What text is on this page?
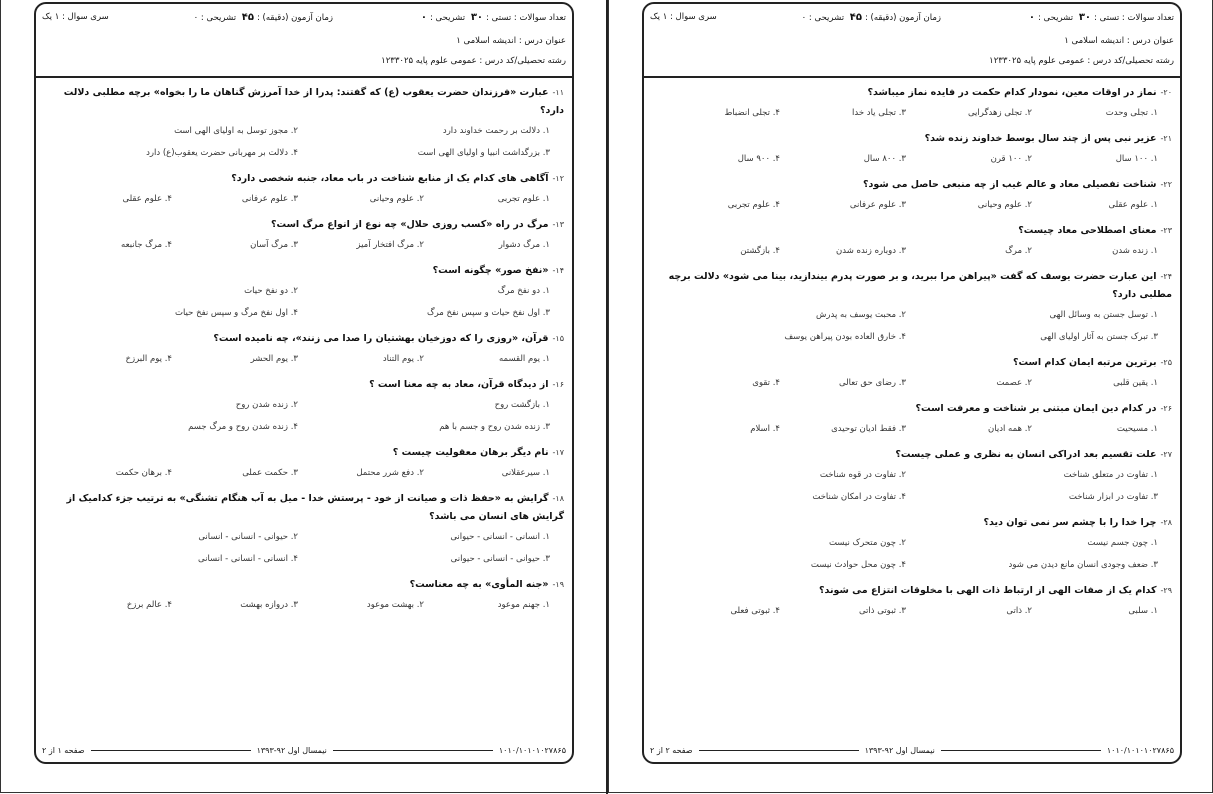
تعداد سوالات : تستی :۳۰ تشریحی :۰
زمان آزمون (دقیقه) :۴۵ تشریحی : ۰
سری سوال : ۱ یک
عنوان درس : اندیشه اسلامی ۱
رشته تحصیلی/کد درس : عمومی علوم پایه ۱۲۳۳۰۲۵
۱۱-عبارت «فرزندان حضرت یعقوب (ع) که گفتند: پدرا از خدا آمرزش گناهان ما را بخواه» برچه مطلبی دلالت دارد؟
۱. دلالت بر رحمت خداوند دارد
۲. مجوز توسل به اولیای الهی است
۳. بزرگداشت انبیا و اولیای الهی است
۴. دلالت بر مهربانی حضرت یعقوب(ع) دارد
۱۲-آگاهی های کدام یک از منابع شناخت در باب معاد، جنبه شخصی دارد؟
۱. علوم تجربی
۲. علوم وحیانی
۳. علوم عرفانی
۴. علوم عقلی
۱۳-مرگ در راه «کسب روزی حلال» چه نوع از انواع مرگ است؟
۱. مرگ دشوار
۲. مرگ افتخار آمیز
۳. مرگ آسان
۴. مرگ جانبعه
۱۴-«نفخ صور» چگونه است؟
۱. دو نفخ مرگ
۲. دو نفخ حیات
۳. اول نفخ حیات و سپس نفخ مرگ
۴. اول نفخ مرگ و سپس نفخ حیات
۱۵-قرآن، «روزی را که دوزخیان بهشتیان را صدا می زنند»، چه نامیده است؟
۱. یوم القسمه
۲. یوم التناد
۳. یوم الحشر
۴. یوم البرزخ
۱۶-از دیدگاه قرآن، معاد به چه معنا است ؟
۱. بازگشت روح
۲. زنده شدن روح
۳. زنده شدن روح و جسم با هم
۴. زنده شدن روح و مرگ جسم
۱۷-نام دیگر برهان معقولیت چیست ؟
۱. سیرعقلانی
۲. دفع شرر محتمل
۳. حکمت عملی
۴. برهان حکمت
۱۸-گرایش به «حفظ ذات و صیانت از خود - پرستش خدا - میل به آب هنگام تشنگی» به ترتیب جزء کدامیک از گرایش های انسان می باشد؟
۱. انسانی - انسانی - حیوانی
۲. حیوانی - انسانی - انسانی
۳. حیوانی - انسانی - حیوانی
۴. انسانی - انسانی - انسانی
۱۹-«جنه المأوی» به چه معناست؟
۱. جهنم موعود
۲. بهشت موعود
۳. دروازه بهشت
۴. عالم برزخ
۱۰۱۰/۱۰۱۰۱۰۲۷۸۶۵
نیمسال اول ۹۲-۱۳۹۳
صفحه ۱ از ۲
تعداد سوالات : تستی :۳۰ تشریحی :۰
زمان آزمون (دقیقه) :۴۵ تشریحی : ۰
سری سوال : ۱ یک
عنوان درس : اندیشه اسلامی ۱
رشته تحصیلی/کد درس : عمومی علوم پایه ۱۲۳۳۰۲۵
۲۰-نماز در اوقات معین، نمودار کدام حکمت در فایده نماز میباشد؟
۱. تجلی وحدت
۲. تجلی زهدگرایی
۳. تجلی یاد خدا
۴. تجلی انضباط
۲۱-عزیر نبی پس از چند سال بوسط خداوند زنده شد؟
۱. ۱۰۰ سال
۲. ۱۰۰ قرن
۳. ۸۰۰ سال
۴. ۹۰۰ سال
۲۲-شناخت تفصیلی معاد و عالم غیب از چه منبعی حاصل می شود؟
۱. علوم عقلی
۲. علوم وحیانی
۳. علوم عرفانی
۴. علوم تجربی
۲۳-معنای اصطلاحی معاد چیست؟
۱. زنده شدن
۲. مرگ
۳. دوباره زنده شدن
۴. بازگشتن
۲۴-این عبارت حضرت یوسف که گفت «پیراهن مرا ببرید، و بر صورت پدرم بیندازید، بینا می شود» دلالت برچه مطلبی دارد؟
۱. توسل جستن به وسائل الهی
۲. محبت یوسف به پدرش
۳. تبرک جستن به آثار اولیای الهی
۴. خارق العاده بودن پیراهن یوسف
۲۵-برترین مرتبه ایمان کدام است؟
۱. یقین قلبی
۲. عصمت
۳. رضای حق تعالی
۴. تقوی
۲۶-در کدام دین ایمان مبتنی بر شناخت و معرفت است؟
۱. مسیحیت
۲. همه ادیان
۳. فقط ادیان توحیدی
۴. اسلام
۲۷-علت تقسیم بعد ادراکی انسان به نظری و عملی چیست؟
۱. تفاوت در متعلق شناخت
۲. تفاوت در قوه شناخت
۳. تفاوت در ابزار شناخت
۴. تفاوت در امکان شناخت
۲۸-چرا خدا را با چشم سر نمی توان دید؟
۱. چون جسم نیست
۲. چون متحرک نیست
۳. ضعف وجودی انسان مانع دیدن می شود
۴. چون محل حوادث نیست
۲۹-کدام یک از صفات الهی از ارتباط ذات الهی با مخلوقات انتزاع می شوند؟
۱. سلبی
۲. ذاتی
۳. ثبوتی ذاتی
۴. ثبوتی فعلی
۱۰۱۰/۱۰۱۰۱۰۲۷۸۶۵
نیمسال اول ۹۲-۱۳۹۳
صفحه ۲ از ۲
